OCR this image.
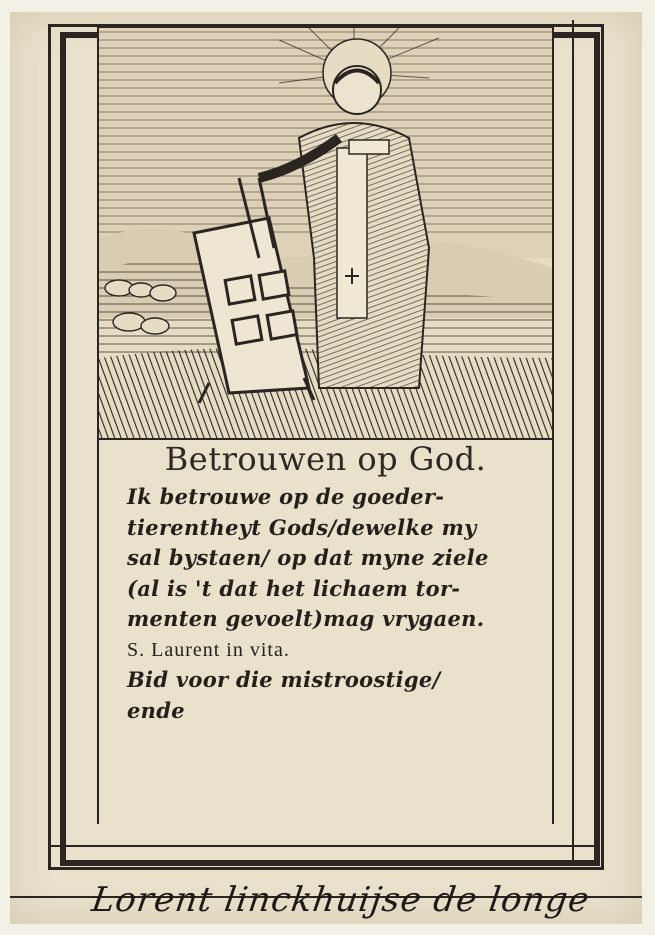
Betrouwen op God.
Ik betrouwe op de goeder-
tierentheyt Gods/dewelke my
sal bystaen/ op dat myne ziele
(al is 't dat het lichaem tor-
menten gevoelt)mag vrygaen.
S. Laurent in vita.
Bid voor die mistroostige/
ende
Lorent linckhuijse de longe
